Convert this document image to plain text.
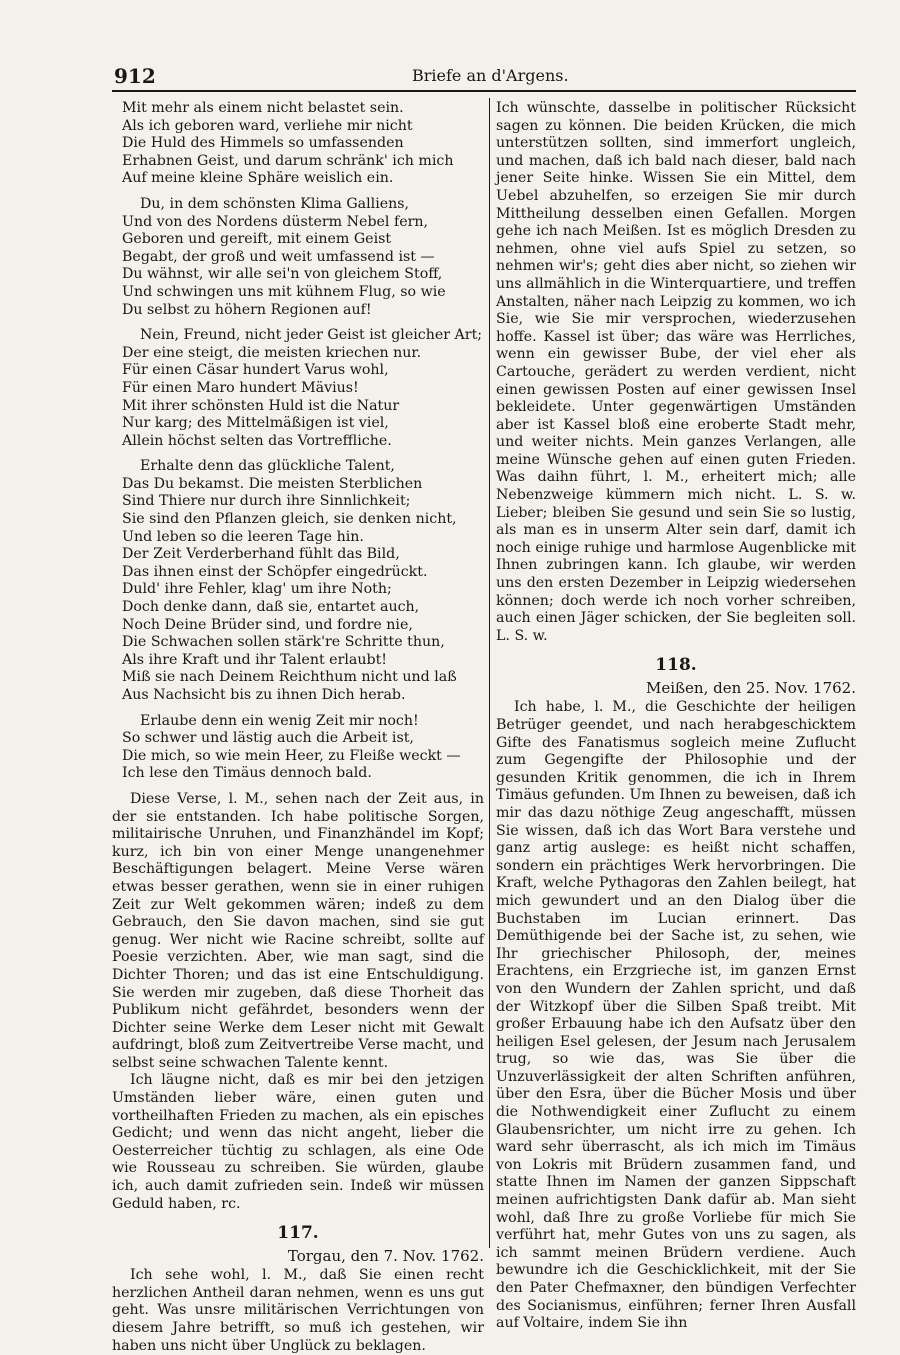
912	Briefe an d'Argens.
Mit mehr als einem nicht belastet sein.
Als ich geboren ward, verliehe mir nicht
Die Huld des Himmels so umfassenden
Erhabnen Geist, und darum schränk' ich mich
Auf meine kleine Sphäre weislich ein.
Du, in dem schönsten Klima Galliens,
Und von des Nordens düsterm Nebel fern,
Geboren und gereift, mit einem Geist
Begabt, der groß und weit umfassend ist —
Du wähnst, wir alle sei'n von gleichem Stoff,
Und schwingen uns mit kühnem Flug, so wie
Du selbst zu höhern Regionen auf!
Nein, Freund, nicht jeder Geist ist gleicher Art;
Der eine steigt, die meisten kriechen nur.
Für einen Cäsar hundert Varus wohl,
Für einen Maro hundert Mävius!
Mit ihrer schönsten Huld ist die Natur
Nur karg; des Mittelmäßigen ist viel,
Allein höchst selten das Vortreffliche.
Erhalte denn das glückliche Talent,
Das Du bekamst. Die meisten Sterblichen
Sind Thiere nur durch ihre Sinnlichkeit;
Sie sind den Pflanzen gleich, sie denken nicht,
Und leben so die leeren Tage hin.
Der Zeit Verderberhand fühlt das Bild,
Das ihnen einst der Schöpfer eingedrückt.
Duld' ihre Fehler, klag' um ihre Noth;
Doch denke dann, daß sie, entartet auch,
Noch Deine Brüder sind, und fordre nie,
Die Schwachen sollen stärk're Schritte thun,
Als ihre Kraft und ihr Talent erlaubt!
Miß sie nach Deinem Reichthum nicht und laß
Aus Nachsicht bis zu ihnen Dich herab.
Erlaube denn ein wenig Zeit mir noch!
So schwer und lästig auch die Arbeit ist,
Die mich, so wie mein Heer, zu Fleiße weckt —
Ich lese den Timäus dennoch bald.

Diese Verse, l. M., sehen nach der Zeit aus, in der sie entstanden. Ich habe politische Sorgen, militairische Unruhen, und Finanzhändel im Kopf; kurz, ich bin von einer Menge unangenehmer Beschäftigungen belagert. Meine Verse wären etwas besser gerathen, wenn sie in einer ruhigen Zeit zur Welt gekommen wären; indeß zu dem Gebrauch, den Sie davon machen, sind sie gut genug. Wer nicht wie Racine schreibt, sollte auf Poesie verzichten. Aber, wie man sagt, sind die Dichter Thoren; und das ist eine Entschuldigung. Sie werden mir zugeben, daß diese Thorheit das Publikum nicht gefährdet, besonders wenn der Dichter seine Werke dem Leser nicht mit Gewalt aufdringt, bloß zum Zeitvertreibe Verse macht, und selbst seine schwachen Talente kennt.

Ich läugne nicht, daß es mir bei den jetzigen Umständen lieber wäre, einen guten und vortheilhaften Frieden zu machen, als ein episches Gedicht; und wenn das nicht angeht, lieber die Oesterreicher tüchtig zu schlagen, als eine Ode wie Rousseau zu schreiben. Sie würden, glaube ich, auch damit zufrieden sein. Indeß wir müssen Geduld haben, rc.

117.
Torgau, den 7. Nov. 1762.

Ich sehe wohl, l. M., daß Sie einen recht herzlichen Antheil daran nehmen, wenn es uns gut geht. Was unsre militärischen Verrichtungen von diesem Jahre betrifft, so muß ich gestehen, wir haben uns nicht über Unglück zu beklagen.

Ich wünschte, dasselbe in politischer Rücksicht sagen zu können. Die beiden Krücken, die mich unterstützen sollten, sind immerfort ungleich, und machen, daß ich bald nach dieser, bald nach jener Seite hinke. Wissen Sie ein Mittel, dem Uebel abzuhelfen, so erzeigen Sie mir durch Mittheilung desselben einen Gefallen. Morgen gehe ich nach Meißen. Ist es möglich Dresden zu nehmen, ohne viel aufs Spiel zu setzen, so nehmen wir's; geht dies aber nicht, so ziehen wir uns allmählich in die Winterquartiere, und treffen Anstalten, näher nach Leipzig zu kommen, wo ich Sie, wie Sie mir versprochen, wiederzusehen hoffe. Kassel ist über; das wäre was Herrliches, wenn ein gewisser Bube, der viel eher als Cartouche, gerädert zu werden verdient, nicht einen gewissen Posten auf einer gewissen Insel bekleidete. Unter gegenwärtigen Umständen aber ist Kassel bloß eine eroberte Stadt mehr, und weiter nichts. Mein ganzes Verlangen, alle meine Wünsche gehen auf einen guten Frieden. Was daihn führt, l. M., erheitert mich; alle Nebenzweige kümmern mich nicht. L. S. w. Lieber; bleiben Sie gesund und sein Sie so lustig, als man es in unserm Alter sein darf, damit ich noch einige ruhige und harmlose Augenblicke mit Ihnen zubringen kann. Ich glaube, wir werden uns den ersten Dezember in Leipzig wiedersehen können; doch werde ich noch vorher schreiben, auch einen Jäger schicken, der Sie begleiten soll. L. S. w.

118.
Meißen, den 25. Nov. 1762.

Ich habe, l. M., die Geschichte der heiligen Betrüger geendet, und nach herabgeschicktem Gifte des Fanatismus sogleich meine Zuflucht zum Gegengifte der Philosophie und der gesunden Kritik genommen, die ich in Ihrem Timäus gefunden. Um Ihnen zu beweisen, daß ich mir das dazu nöthige Zeug angeschafft, müssen Sie wissen, daß ich das Wort Bara verstehe und ganz artig auslege: es heißt nicht schaffen, sondern ein prächtiges Werk hervorbringen. Die Kraft, welche Pythagoras den Zahlen beilegt, hat mich gewundert und an den Dialog über die Buchstaben im Lucian erinnert. Das Demüthigende bei der Sache ist, zu sehen, wie Ihr griechischer Philosoph, der, meines Erachtens, ein Erzgrieche ist, im ganzen Ernst von den Wundern der Zahlen spricht, und daß der Witzkopf über die Silben Spaß treibt. Mit großer Erbauung habe ich den Aufsatz über den heiligen Esel gelesen, der Jesum nach Jerusalem trug, so wie das, was Sie über die Unzuverlässigkeit der alten Schriften anführen, über den Esra, über die Bücher Mosis und über die Nothwendigkeit einer Zuflucht zu einem Glaubensrichter, um nicht irre zu gehen. Ich ward sehr überrascht, als ich mich im Timäus von Lokris mit Brüdern zusammen fand, und statte Ihnen im Namen der ganzen Sippschaft meinen aufrichtigsten Dank dafür ab. Man sieht wohl, daß Ihre zu große Vorliebe für mich Sie verführt hat, mehr Gutes von uns zu sagen, als ich sammt meinen Brüdern verdiene. Auch bewundre ich die Geschicklichkeit, mit der Sie den Pater Chefmaxner, den bündigen Verfechter des Socianismus, einführen; ferner Ihren Ausfall auf Voltaire, indem Sie ihn
